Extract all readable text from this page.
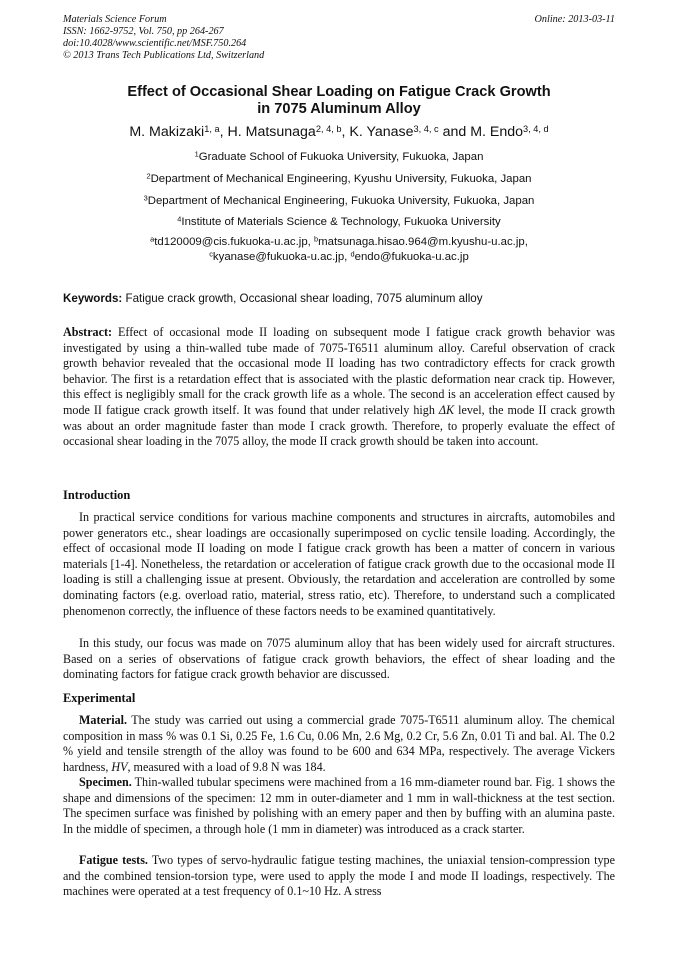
Materials Science Forum
ISSN: 1662-9752, Vol. 750, pp 264-267
doi:10.4028/www.scientific.net/MSF.750.264
© 2013 Trans Tech Publications Ltd, Switzerland
Online: 2013-03-11
Effect of Occasional Shear Loading on Fatigue Crack Growth
in 7075 Aluminum Alloy
M. Makizaki$^{1, a}$, H. Matsunaga$^{2, 4, b}$, K. Yanase$^{3, 4, c}$ and M. Endo$^{3, 4, d}$
$^1$Graduate School of Fukuoka University, Fukuoka, Japan
$^2$Department of Mechanical Engineering, Kyushu University, Fukuoka, Japan
$^3$Department of Mechanical Engineering, Fukuoka University, Fukuoka, Japan
$^4$Institute of Materials Science & Technology, Fukuoka University
$^a$td120009@cis.fukuoka-u.ac.jp, $^b$matsunaga.hisao.964@m.kyushu-u.ac.jp,
$^c$kyanase@fukuoka-u.ac.jp, $^d$endo@fukuoka-u.ac.jp
Keywords: Fatigue crack growth, Occasional shear loading, 7075 aluminum alloy
Abstract: Effect of occasional mode II loading on subsequent mode I fatigue crack growth behavior was investigated by using a thin-walled tube made of 7075-T6511 aluminum alloy. Careful observation of crack growth behavior revealed that the occasional mode II loading has two contradictory effects for crack growth behavior. The first is a retardation effect that is associated with the plastic deformation near crack tip. However, this effect is negligibly small for the crack growth life as a whole. The second is an acceleration effect caused by mode II fatigue crack growth itself. It was found that under relatively high ΔK level, the mode II crack growth was about an order magnitude faster than mode I crack growth. Therefore, to properly evaluate the effect of occasional shear loading in the 7075 alloy, the mode II crack growth should be taken into account.
Introduction
In practical service conditions for various machine components and structures in aircrafts, automobiles and power generators etc., shear loadings are occasionally superimposed on cyclic tensile loading. Accordingly, the effect of occasional mode II loading on mode I fatigue crack growth has been a matter of concern in various materials [1-4]. Nonetheless, the retardation or acceleration of fatigue crack growth due to the occasional mode II loading is still a challenging issue at present. Obviously, the retardation and acceleration are controlled by some dominating factors (e.g. overload ratio, material, stress ratio, etc). Therefore, to understand such a complicated phenomenon correctly, the influence of these factors needs to be examined quantitatively.
In this study, our focus was made on 7075 aluminum alloy that has been widely used for aircraft structures. Based on a series of observations of fatigue crack growth behaviors, the effect of shear loading and the dominating factors for fatigue crack growth behavior are discussed.
Experimental
Material. The study was carried out using a commercial grade 7075-T6511 aluminum alloy. The chemical composition in mass % was 0.1 Si, 0.25 Fe, 1.6 Cu, 0.06 Mn, 2.6 Mg, 0.2 Cr, 5.6 Zn, 0.01 Ti and bal. Al. The 0.2 % yield and tensile strength of the alloy was found to be 600 and 634 MPa, respectively. The average Vickers hardness, HV, measured with a load of 9.8 N was 184.
Specimen. Thin-walled tubular specimens were machined from a 16 mm-diameter round bar. Fig. 1 shows the shape and dimensions of the specimen: 12 mm in outer-diameter and 1 mm in wall-thickness at the test section. The specimen surface was finished by polishing with an emery paper and then by buffing with an alumina paste. In the middle of specimen, a through hole (1 mm in diameter) was introduced as a crack starter.
Fatigue tests. Two types of servo-hydraulic fatigue testing machines, the uniaxial tension-compression type and the combined tension-torsion type, were used to apply the mode I and mode II loadings, respectively. The machines were operated at a test frequency of 0.1~10 Hz. A stress
